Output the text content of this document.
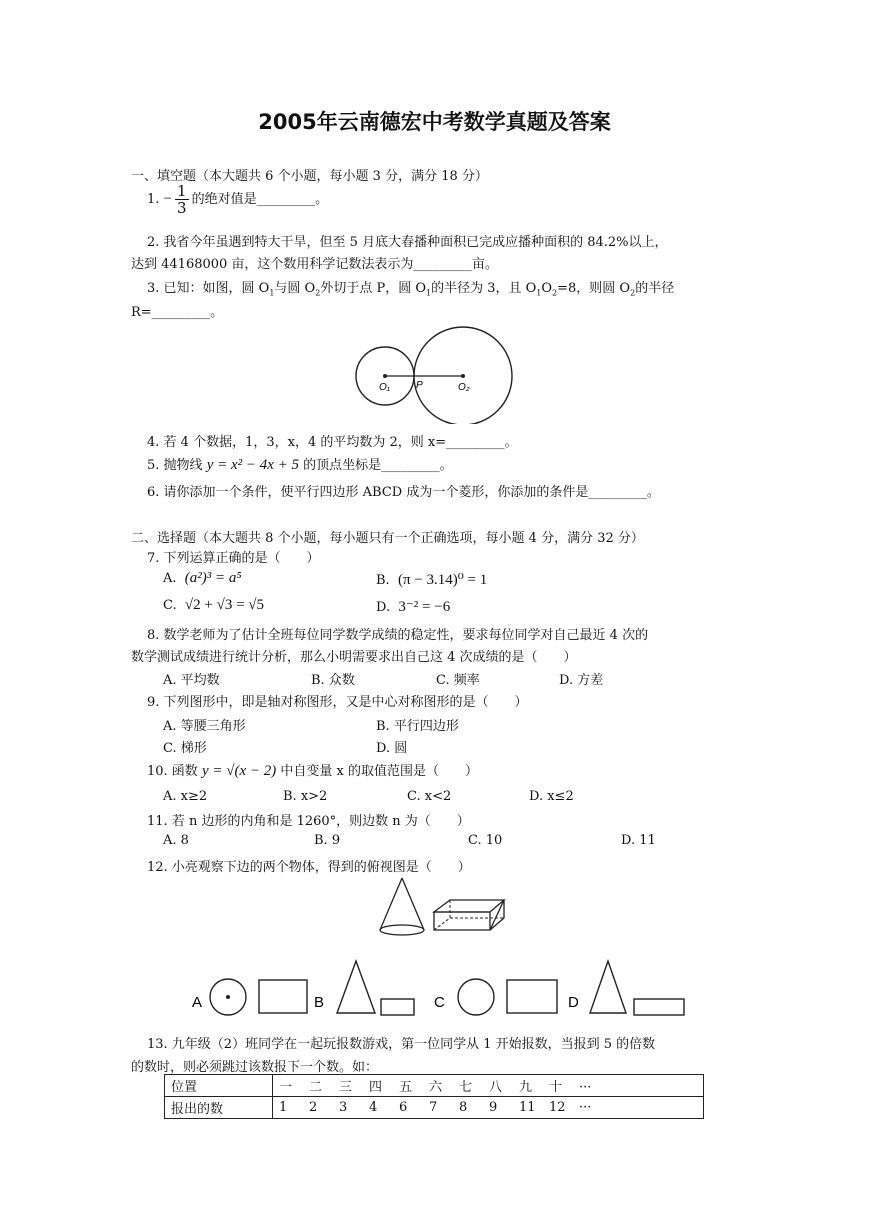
2005年云南德宏中考数学真题及答案
一、填空题（本大题共 6 个小题，每小题 3 分，满分 18 分）
1. − $\frac{1}{3}$ 的绝对值是_________。
2. 我省今年虽遇到特大干旱，但至 5 月底大春播种面积已完成应播种面积的 84.2%以上，
达到 44168000 亩，这个数用科学记数法表示为_________亩。
3. 已知：如图，圆 $O_1$与圆 $O_2$外切于点 P，圆 $O_1$的半径为 3，且 $O_1O_2=8$，则圆 $O_2$的半径
R=_________。
O₁	P	O₂
4. 若 4 个数据，1，3，x，4 的平均数为 2，则 x=_________。
5. 抛物线 y = x² − 4x + 5 的顶点坐标是_________。
6. 请你添加一个条件，使平行四边形 ABCD 成为一个菱形，你添加的条件是_________。
二、选择题（本大题共 8 个小题，每小题只有一个正确选项，每小题 4 分，满分 32 分）
7. 下列运算正确的是（　　）
A. (a²)³ = a⁵	B. (π − 3.14)⁰ = 1
C. √2 + √3 = √5	D. 3⁻² = −6
8. 数学老师为了估计全班每位同学数学成绩的稳定性，要求每位同学对自己最近 4 次的
数学测试成绩进行统计分析，那么小明需要求出自己这 4 次成绩的是（　　）
A. 平均数	B. 众数	C. 频率	D. 方差
9. 下列图形中，即是轴对称图形，又是中心对称图形的是（　　）
A. 等腰三角形	B. 平行四边形
C. 梯形	D. 圆
10. 函数 y = √(x − 2) 中自变量 x 的取值范围是（　　）
A. x≥2	B. x>2	C. x<2	D. x≤2
11. 若 n 边形的内角和是 1260°，则边数 n 为（　　）
A. 8	B. 9	C. 10	D. 11
12. 小亮观察下边的两个物体，得到的俯视图是（　　）
A	B	C	D
13. 九年级（2）班同学在一起玩报数游戏，第一位同学从 1 开始报数，当报到 5 的倍数
的数时，则必须跳过该数报下一个数。如：
位置	一 二 三 四 五 六 七 八 九 十 ···
报出的数	1 2 3 4 6 7 8 9 11 12 ···
